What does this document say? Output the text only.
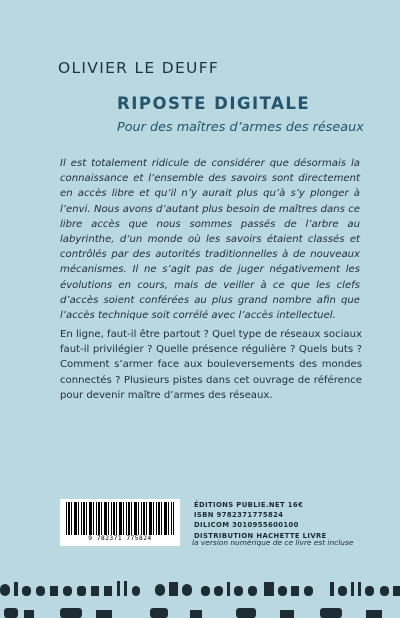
OLIVIER LE DEUFF
RIPOSTE DIGITALE
Pour des maîtres d’armes des réseaux

Il est totalement ridicule de considérer que désormais la connaissance et l’ensemble des savoirs sont directement en accès libre et qu’il n’y aurait plus qu’à s’y plonger à l’envi. Nous avons d’autant plus besoin de maîtres dans ce libre accès que nous sommes passés de l’arbre au labyrinthe, d’un monde où les savoirs étaient classés et contrôlés par des autorités traditionnelles à de nouveaux mécanismes. Il ne s’agit pas de juger négativement les évolutions en cours, mais de veiller à ce que les clefs d’accès soient conférées au plus grand nombre afin que l’accès technique soit corrélé avec l’accès intellectuel.

En ligne, faut-il être partout ? Quel type de réseaux sociaux faut-il privilégier ? Quelle présence régulière ? Quels buts ? Comment s’armer face aux bouleversements des mondes connectés ? Plusieurs pistes dans cet ouvrage de référence pour devenir maître d’armes des réseaux.

9 782371 775824
ÉDITIONS PUBLIE.NET 16€
ISBN 9782371775824
DILICOM 3010955600100
DISTRIBUTION HACHETTE LIVRE
la version numérique de ce livre est incluse
